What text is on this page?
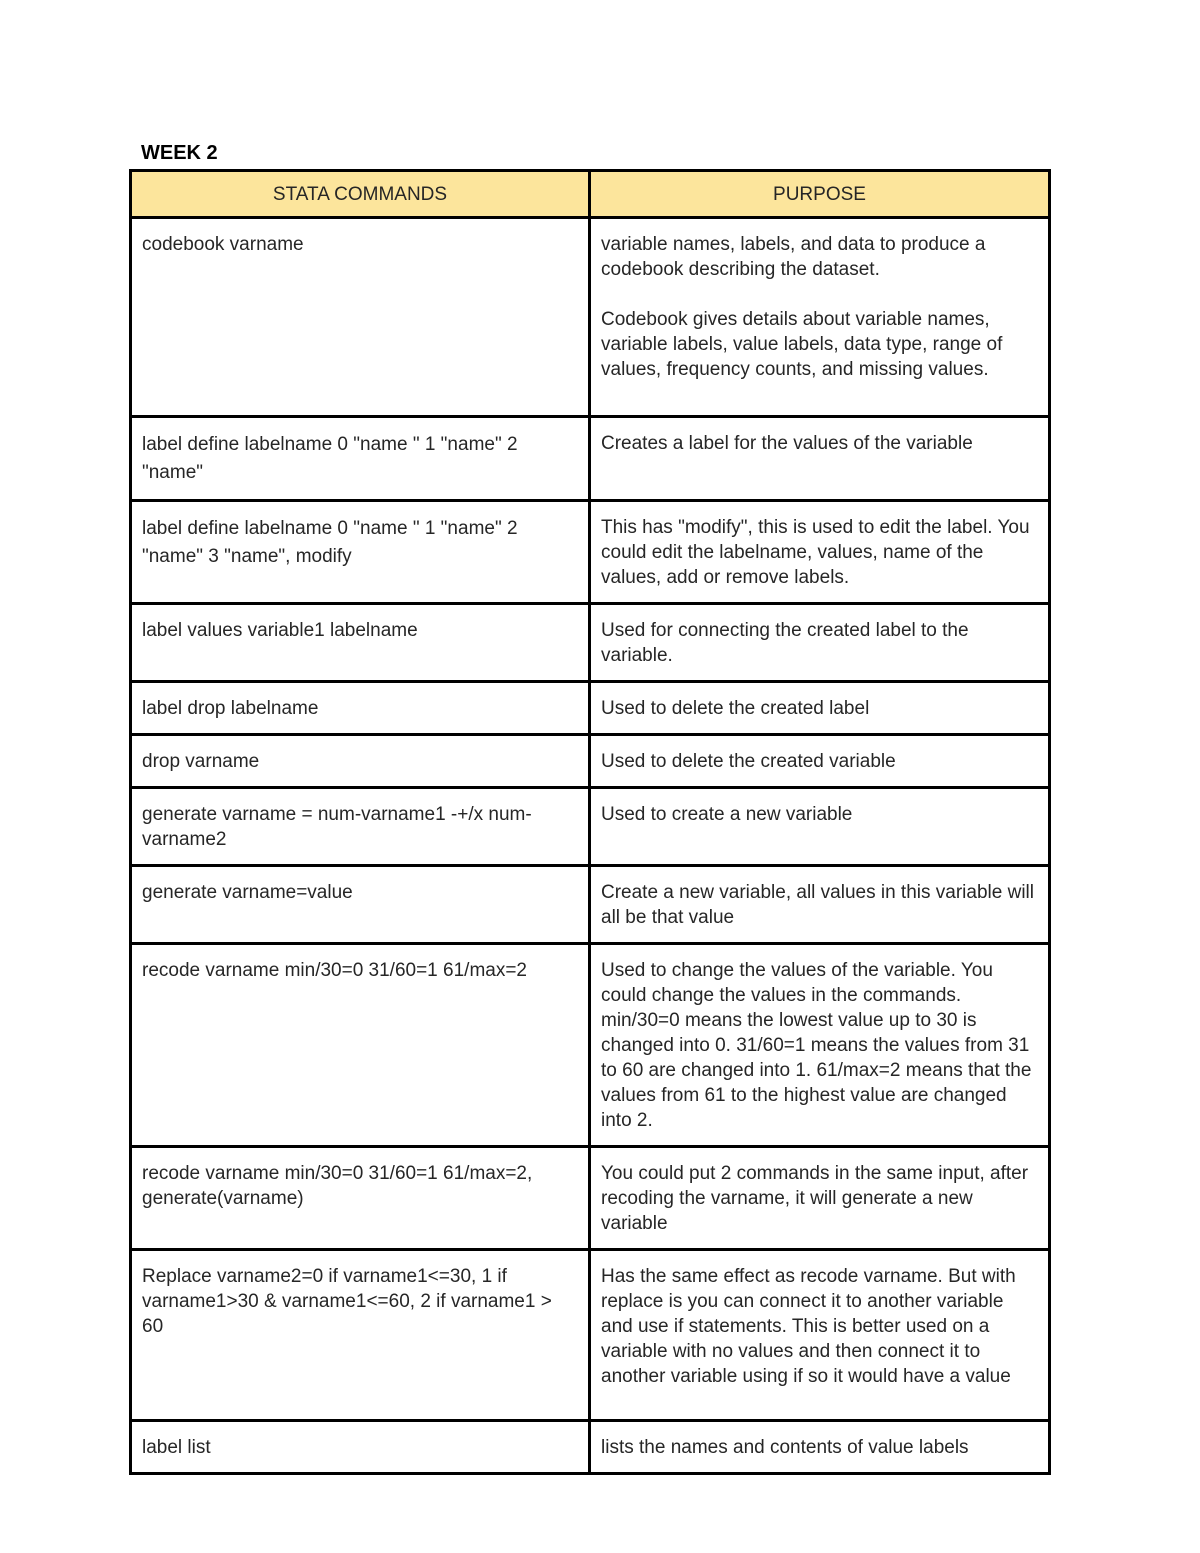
WEEK 2
STATA COMMANDS	PURPOSE

codebook varname	variable names, labels, and data to produce a codebook describing the dataset.

Codebook gives details about variable names, variable labels, value labels, data type, range of values, frequency counts, and missing values.

label define labelname 0 "name " 1 "name" 2 "name"	Creates a label for the values of the variable

label define labelname 0 "name " 1 "name" 2 "name" 3 "name", modify	This has "modify", this is used to edit the label. You could edit the labelname, values, name of the values, add or remove labels.

label values variable1 labelname	Used for connecting the created label to the variable.

label drop labelname	Used to delete the created label

drop varname	Used to delete the created variable

generate varname = num-varname1 -+/x num-varname2	Used to create a new variable

generate varname=value	Create a new variable, all values in this variable will all be that value

recode varname min/30=0 31/60=1 61/max=2	Used to change the values of the variable. You could change the values in the commands. min/30=0 means the lowest value up to 30 is changed into 0. 31/60=1 means the values from 31 to 60 are changed into 1. 61/max=2 means that the values from 61 to the highest value are changed into 2.

recode varname min/30=0 31/60=1 61/max=2, generate(varname)	You could put 2 commands in the same input, after recoding the varname, it will generate a new variable

Replace varname2=0 if varname1<=30, 1 if varname1>30 & varname1<=60, 2 if varname1 > 60	Has the same effect as recode varname. But with replace is you can connect it to another variable and use if statements. This is better used on a variable with no values and then connect it to another variable using if so it would have a value

label list	lists the names and contents of value labels
